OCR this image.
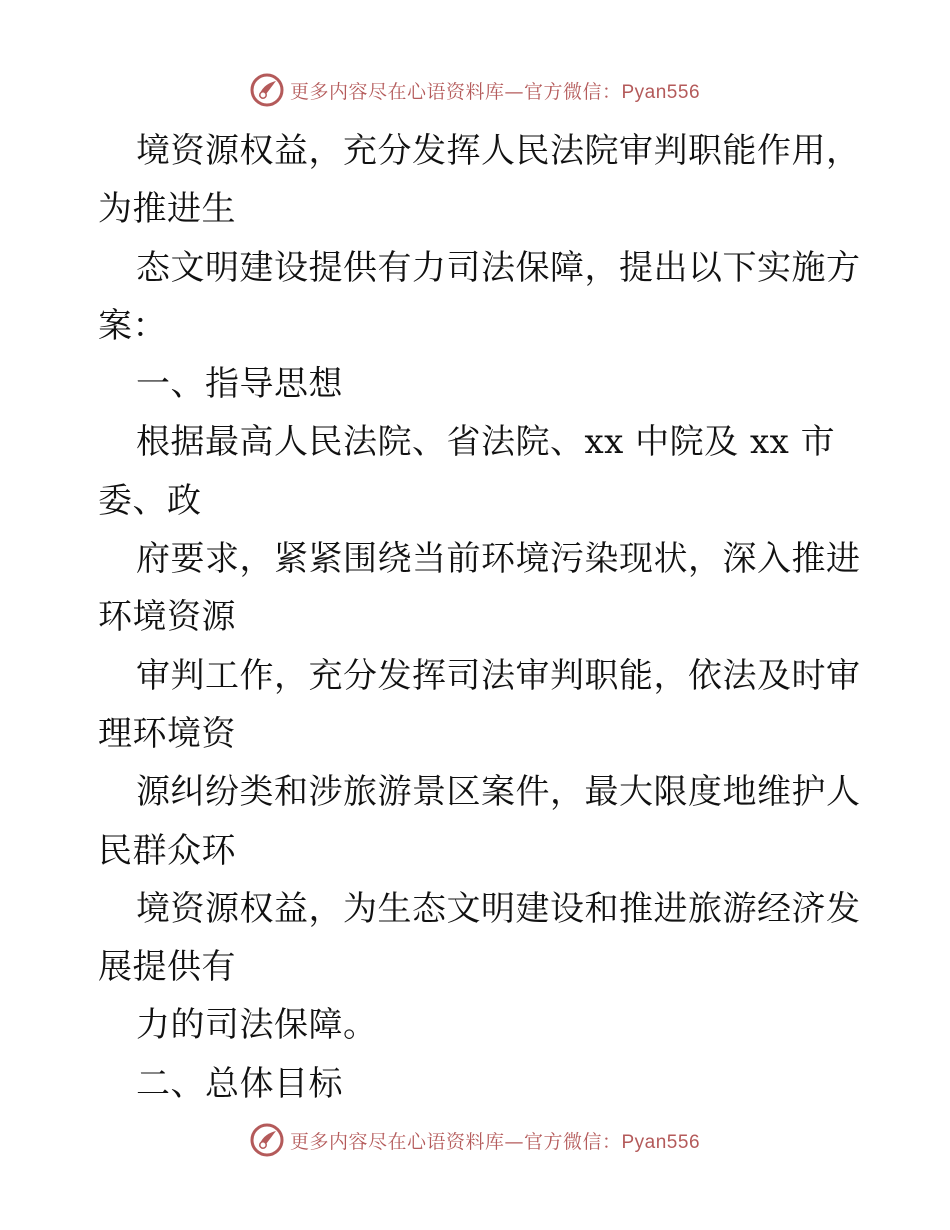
更多内容尽在心语资料库—官方微信：Pyan556
境资源权益，充分发挥人民法院审判职能作用，
为推进生
态文明建设提供有力司法保障，提出以下实施方
案：
一、指导思想
根据最高人民法院、省法院、xx 中院及 xx 市
委、政
府要求，紧紧围绕当前环境污染现状，深入推进
环境资源
审判工作，充分发挥司法审判职能，依法及时审
理环境资
源纠纷类和涉旅游景区案件，最大限度地维护人
民群众环
境资源权益，为生态文明建设和推进旅游经济发
展提供有
力的司法保障。
二、总体目标
更多内容尽在心语资料库—官方微信：Pyan556
